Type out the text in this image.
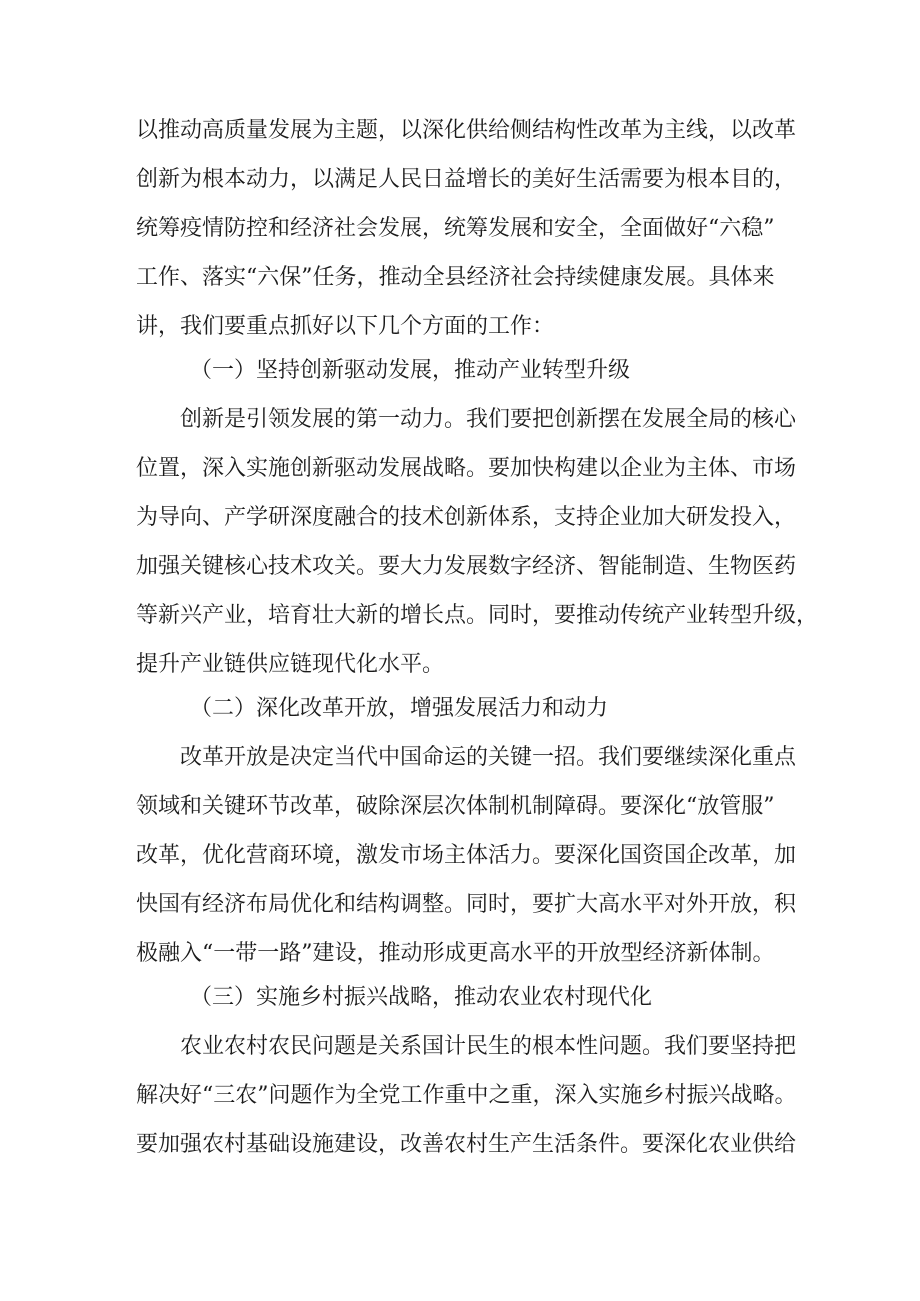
以推动高质量发展为主题，以深化供给侧结构性改革为主线，以改革
创新为根本动力，以满足人民日益增长的美好生活需要为根本目的，
统筹疫情防控和经济社会发展，统筹发展和安全，全面做好“六稳”
工作、落实“六保”任务，推动全县经济社会持续健康发展。具体来
讲，我们要重点抓好以下几个方面的工作：
（一）坚持创新驱动发展，推动产业转型升级
创新是引领发展的第一动力。我们要把创新摆在发展全局的核心
位置，深入实施创新驱动发展战略。要加快构建以企业为主体、市场
为导向、产学研深度融合的技术创新体系，支持企业加大研发投入，
加强关键核心技术攻关。要大力发展数字经济、智能制造、生物医药
等新兴产业，培育壮大新的增长点。同时，要推动传统产业转型升级，
提升产业链供应链现代化水平。
（二）深化改革开放，增强发展活力和动力
改革开放是决定当代中国命运的关键一招。我们要继续深化重点
领域和关键环节改革，破除深层次体制机制障碍。要深化“放管服”
改革，优化营商环境，激发市场主体活力。要深化国资国企改革，加
快国有经济布局优化和结构调整。同时，要扩大高水平对外开放，积
极融入“一带一路”建设，推动形成更高水平的开放型经济新体制。
（三）实施乡村振兴战略，推动农业农村现代化
农业农村农民问题是关系国计民生的根本性问题。我们要坚持把
解决好“三农”问题作为全党工作重中之重，深入实施乡村振兴战略。
要加强农村基础设施建设，改善农村生产生活条件。要深化农业供给
